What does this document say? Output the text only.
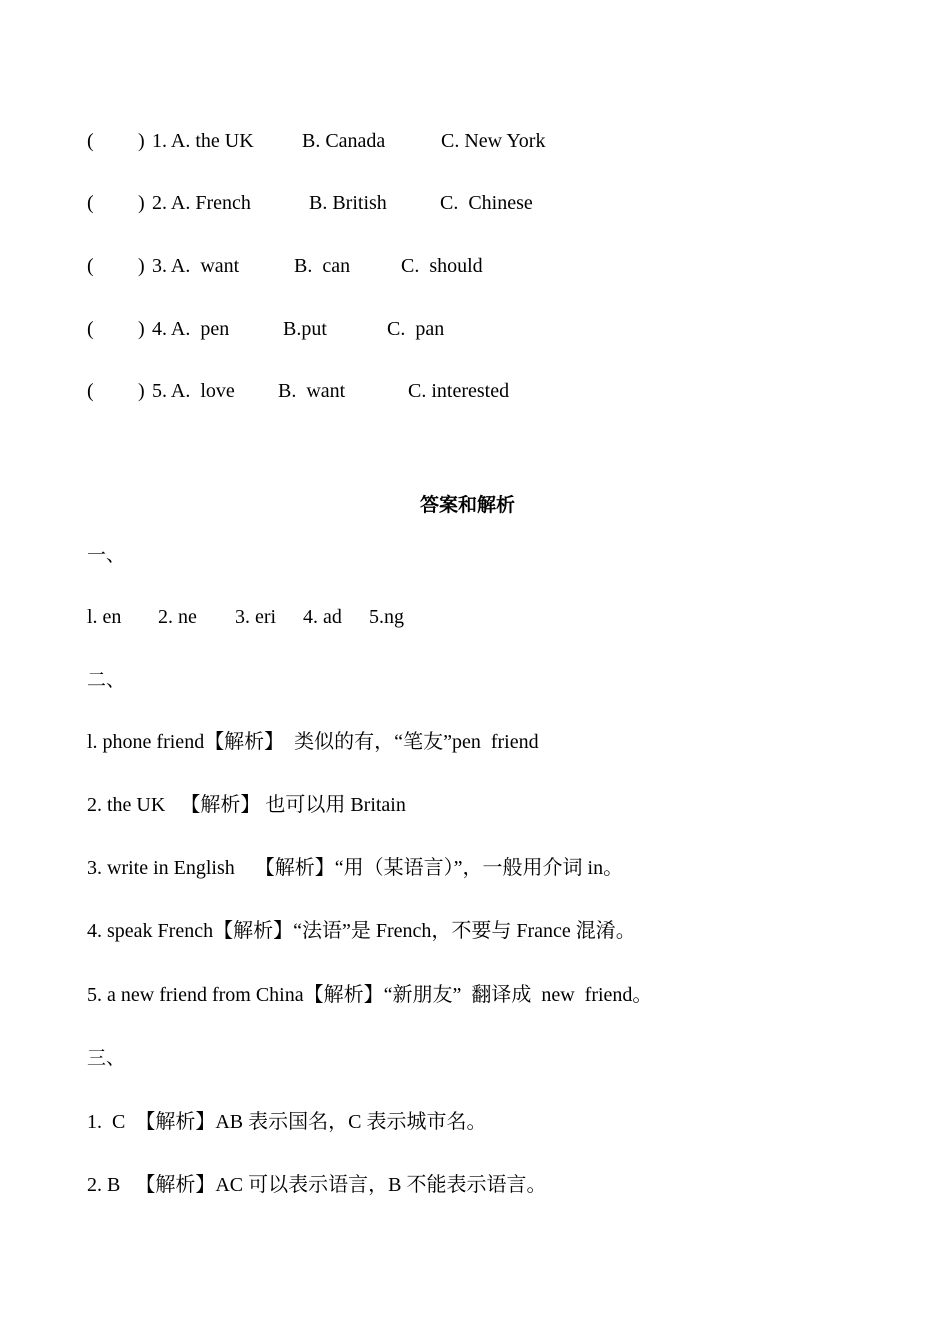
( ) 1. A. the UK B. Canada	C. New York
( ) 2. A. French	B. British	C.  Chinese
( ) 3. A.  want	B.  can	C.  should
( ) 4. A.  pen	B.put	C.  pan
( ) 5. A.  love B.  want	C. interested
答案和解析
一、
l. en 2. ne 3. eri 4. ad 5.ng
二、
l. phone friend【解析】  类似的有，“笔友”pen  friend
2. the UK   【解析】 也可以用 Britain
3. write in English    【解析】“用（某语言）”，一般用介词 in。
4. speak French【解析】“法语”是 French，不要与 France 混淆。
5. a new friend from China【解析】“新朋友”  翻译成  new  friend。
三、
1.  C  【解析】AB 表示国名，C 表示城市名。
2. B   【解析】AC 可以表示语言，B 不能表示语言。
